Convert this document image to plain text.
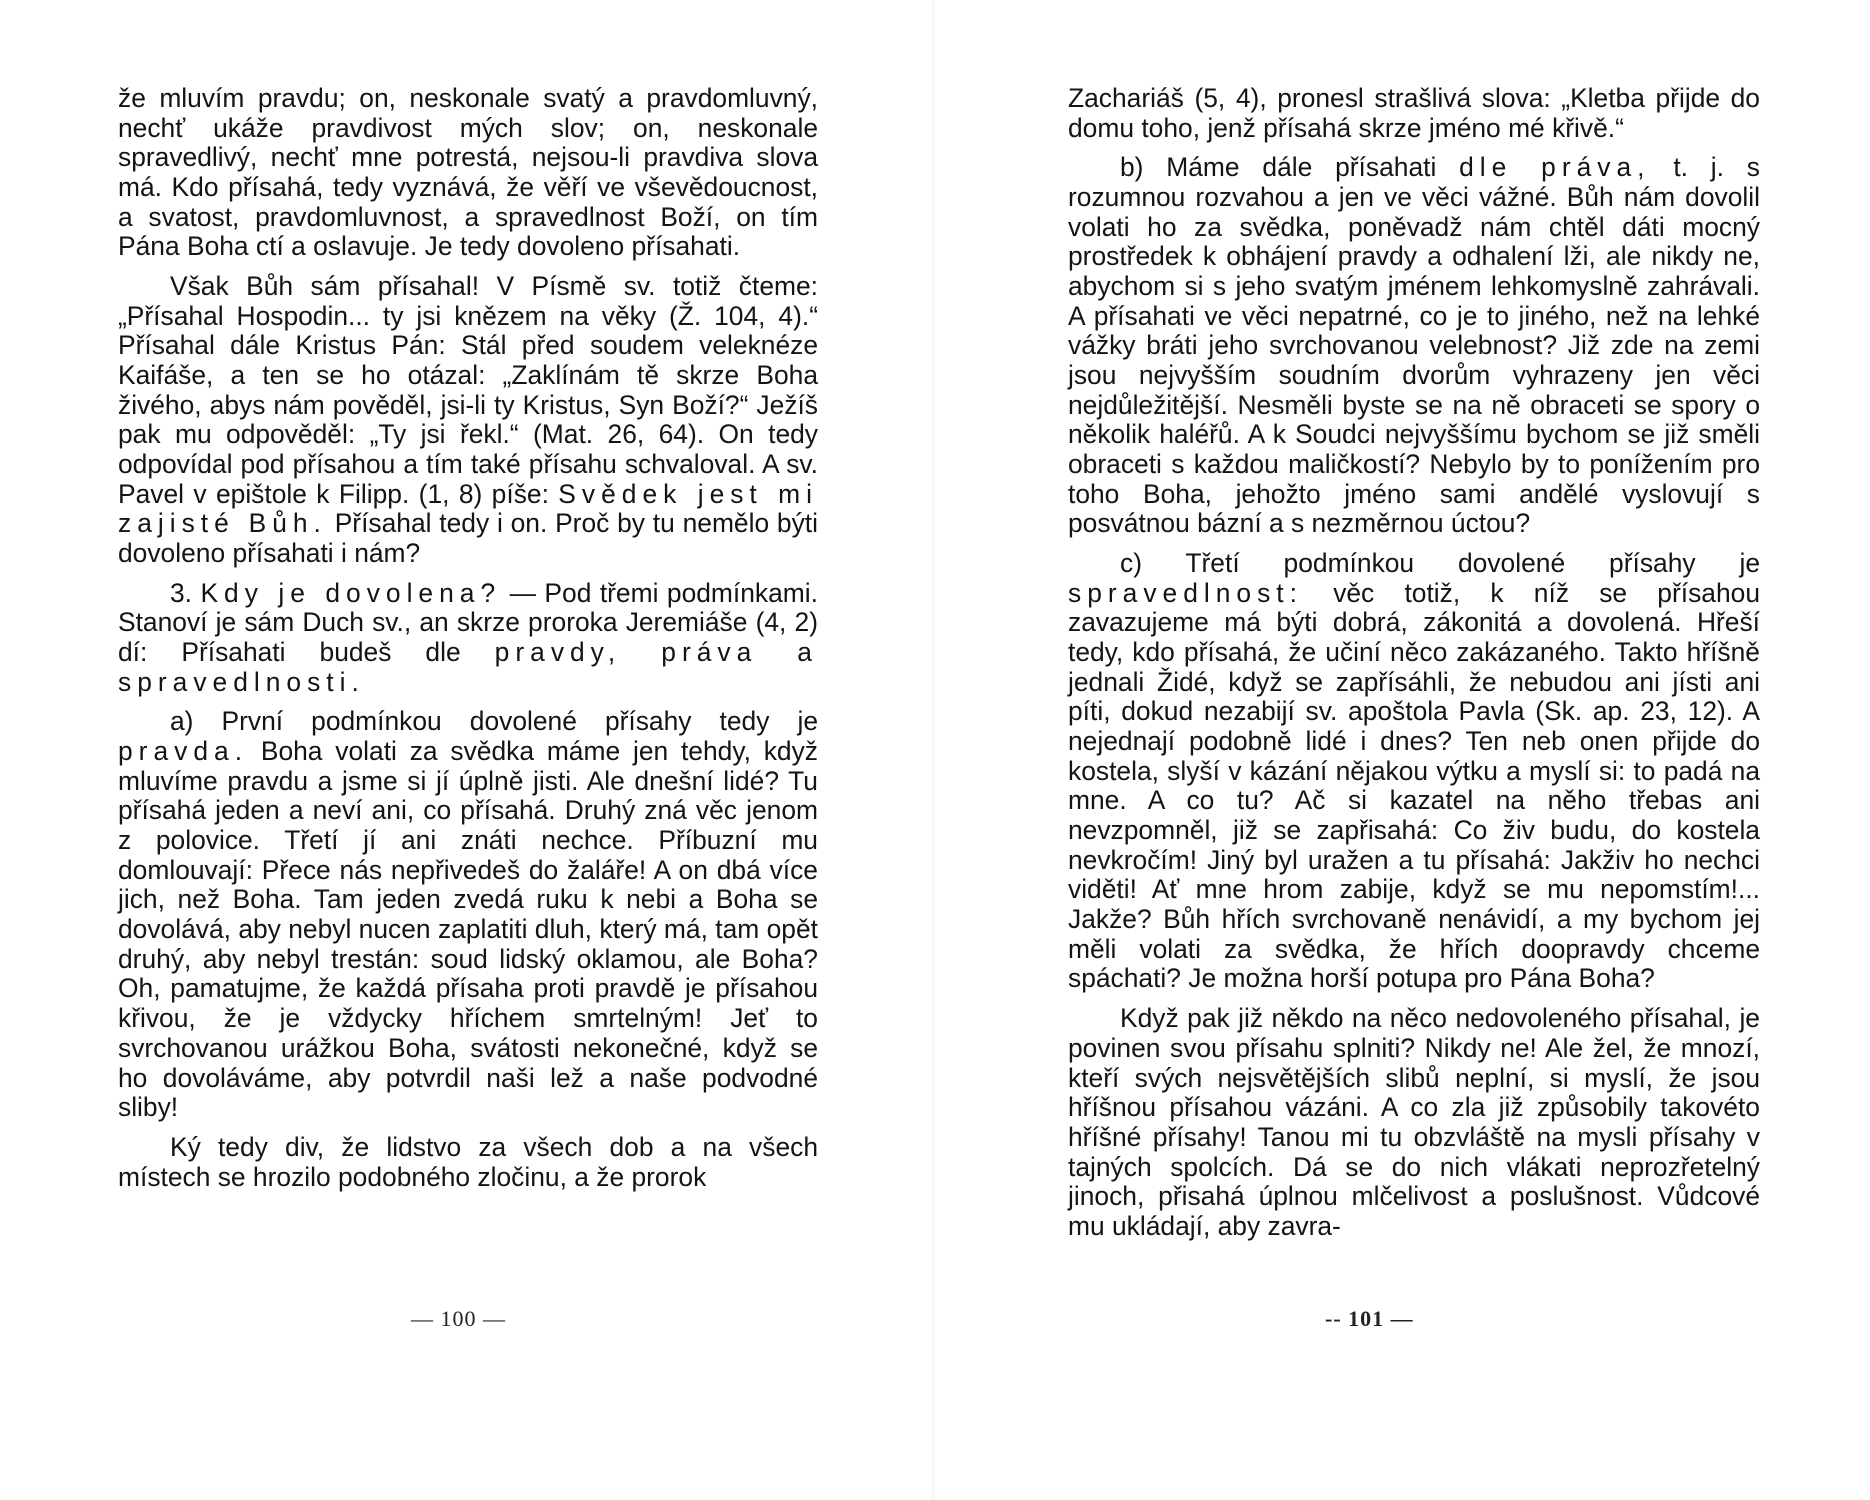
že mluvím pravdu; on, neskonale svatý a pravdomluvný, nechť ukáže pravdivost mých slov; on, neskonale spravedlivý, nechť mne potrestá, nejsou-li pravdiva slova má. Kdo přísahá, tedy vyznává, že věří ve vševědoucnost, a svatost, pravdomluvnost, a spravedlnost Boží, on tím Pána Boha ctí a oslavuje. Je tedy dovoleno přísahati.

Však Bůh sám přísahal! V Písmě sv. totiž čteme: „Přísahal Hospodin... ty jsi knězem na věky (Ž. 104, 4).“ Přísahal dále Kristus Pán: Stál před soudem veleknéze Kaifáše, a ten se ho otázal: „Zaklínám tě skrze Boha živého, abys nám pověděl, jsi-li ty Kristus, Syn Boží?“ Ježíš pak mu odpověděl: „Ty jsi řekl.“ (Mat. 26, 64). On tedy odpovídal pod přísahou a tím také přísahu schvaloval. A sv. Pavel v epištole k Filipp. (1, 8) píše: Svědek jest mi zajisté Bůh. Přísahal tedy i on. Proč by tu nemělo býti dovoleno přísahati i nám?

3. Kdy je dovolena? — Pod třemi podmínkami. Stanoví je sám Duch sv., an skrze proroka Jeremiáše (4, 2) dí: Přísahati budeš dle pravdy, práva a spravedlnosti.

a) První podmínkou dovolené přísahy tedy je pravda. Boha volati za svědka máme jen tehdy, když mluvíme pravdu a jsme si jí úplně jisti. Ale dnešní lidé? Tu přísahá jeden a neví ani, co přísahá. Druhý zná věc jenom z polovice. Třetí jí ani znáti nechce. Příbuzní mu domlouvají: Přece nás nepřivedeš do žaláře! A on dbá více jich, než Boha. Tam jeden zvedá ruku k nebi a Boha se dovolává, aby nebyl nucen zaplatiti dluh, který má, tam opět druhý, aby nebyl trestán: soud lidský oklamou, ale Boha? Oh, pamatujme, že každá přísaha proti pravdě je přísahou křivou, že je vždycky hříchem smrtelným! Jeť to svrchovanou urážkou Boha, svátosti nekonečné, když se ho dovoláváme, aby potvrdil naši lež a naše podvodné sliby!

Ký tedy div, že lidstvo za všech dob a na všech místech se hrozilo podobného zločinu, a že prorok

— 100 —

Zachariáš (5, 4), pronesl strašlivá slova: „Kletba přijde do domu toho, jenž přísahá skrze jméno mé křivě.“

b) Máme dále přísahati dle práva, t. j. s rozumnou rozvahou a jen ve věci vážné. Bůh nám dovolil volati ho za svědka, poněvadž nám chtěl dáti mocný prostředek k obhájení pravdy a odhalení lži, ale nikdy ne, abychom si s jeho svatým jménem lehkomyslně zahrávali. A přísahati ve věci nepatrné, co je to jiného, než na lehké vážky bráti jeho svrchovanou velebnost? Již zde na zemi jsou nejvyšším soudním dvorům vyhrazeny jen věci nejdůležitější. Nesměli byste se na ně obraceti se spory o několik haléřů. A k Soudci nejvyššímu bychom se již směli obraceti s každou maličkostí? Nebylo by to ponížením pro toho Boha, jehožto jméno sami andělé vyslovují s posvátnou bázní a s nezměrnou úctou?

c) Třetí podmínkou dovolené přísahy je spravedlnost: věc totiž, k níž se přísahou zavazujeme má býti dobrá, zákonitá a dovolená. Hřeší tedy, kdo přísahá, že učiní něco zakázaného. Takto hříšně jednali Židé, když se zapřísáhli, že nebudou ani jísti ani píti, dokud nezabijí sv. apoštola Pavla (Sk. ap. 23, 12). A nejednají podobně lidé i dnes? Ten neb onen přijde do kostela, slyší v kázání nějakou výtku a myslí si: to padá na mne. A co tu? Ač si kazatel na něho třebas ani nevzpomněl, již se zapřisahá: Co živ budu, do kostela nevkročím! Jiný byl uražen a tu přísahá: Jakživ ho nechci viděti! Ať mne hrom zabije, když se mu nepomstím!... Jakže? Bůh hřích svrchovaně nenávidí, a my bychom jej měli volati za svědka, že hřích doopravdy chceme spáchati? Je možna horší potupa pro Pána Boha?

Když pak již někdo na něco nedovoleného přísahal, je povinen svou přísahu splniti? Nikdy ne! Ale žel, že mnozí, kteří svých nejsvětějších slibů neplní, si myslí, že jsou hříšnou přísahou vázáni. A co zla již způsobily takovéto hříšné přísahy! Tanou mi tu obzvláště na mysli přísahy v tajných spolcích. Dá se do nich vlákati neprozřetelný jinoch, přisahá úplnou mlčelivost a poslušnost. Vůdcové mu ukládají, aby zavra-

-- 101 —
